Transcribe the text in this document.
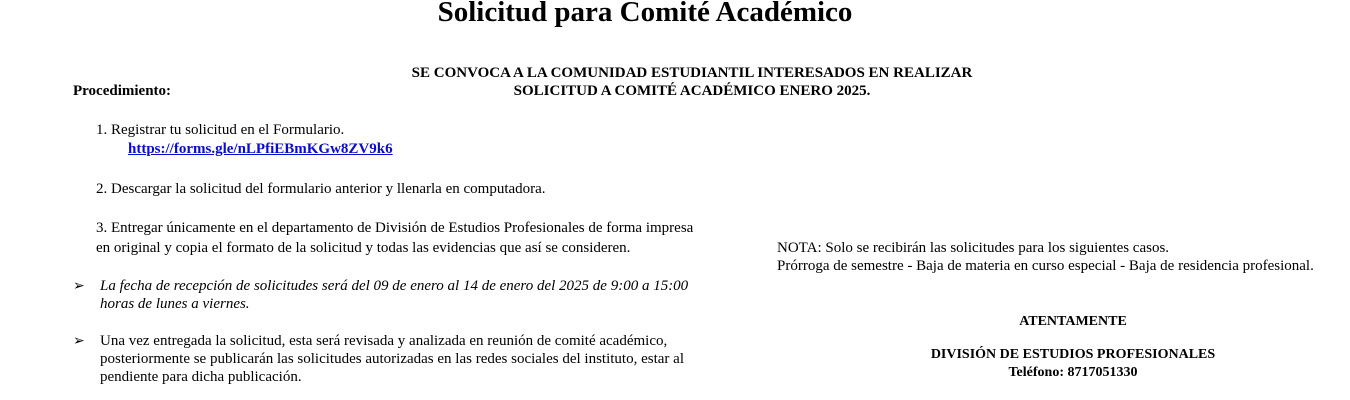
Solicitud para Comité Académico
SE CONVOCA A LA COMUNIDAD ESTUDIANTIL INTERESADOS EN REALIZAR
SOLICITUD A COMITÉ ACADÉMICO ENERO 2025.
Procedimiento:
1. Registrar tu solicitud en el Formulario.
https://forms.gle/nLPfiEBmKGw8ZV9k6
2. Descargar la solicitud del formulario anterior y llenarla en computadora.
3. Entregar únicamente en el departamento de División de Estudios Profesionales de forma impresa
en original y copia el formato de la solicitud y todas las evidencias que así se consideren.
➢ La fecha de recepción de solicitudes será del 09 de enero al 14 de enero del 2025 de 9:00 a 15:00
horas de lunes a viernes.
➢ Una vez entregada la solicitud, esta será revisada y analizada en reunión de comité académico,
posteriormente se publicarán las solicitudes autorizadas en las redes sociales del instituto, estar al
pendiente para dicha publicación.
NOTA: Solo se recibirán las solicitudes para los siguientes casos.
Prórroga de semestre - Baja de materia en curso especial - Baja de residencia profesional.
ATENTAMENTE
DIVISIÓN DE ESTUDIOS PROFESIONALES
Teléfono: 8717051330
